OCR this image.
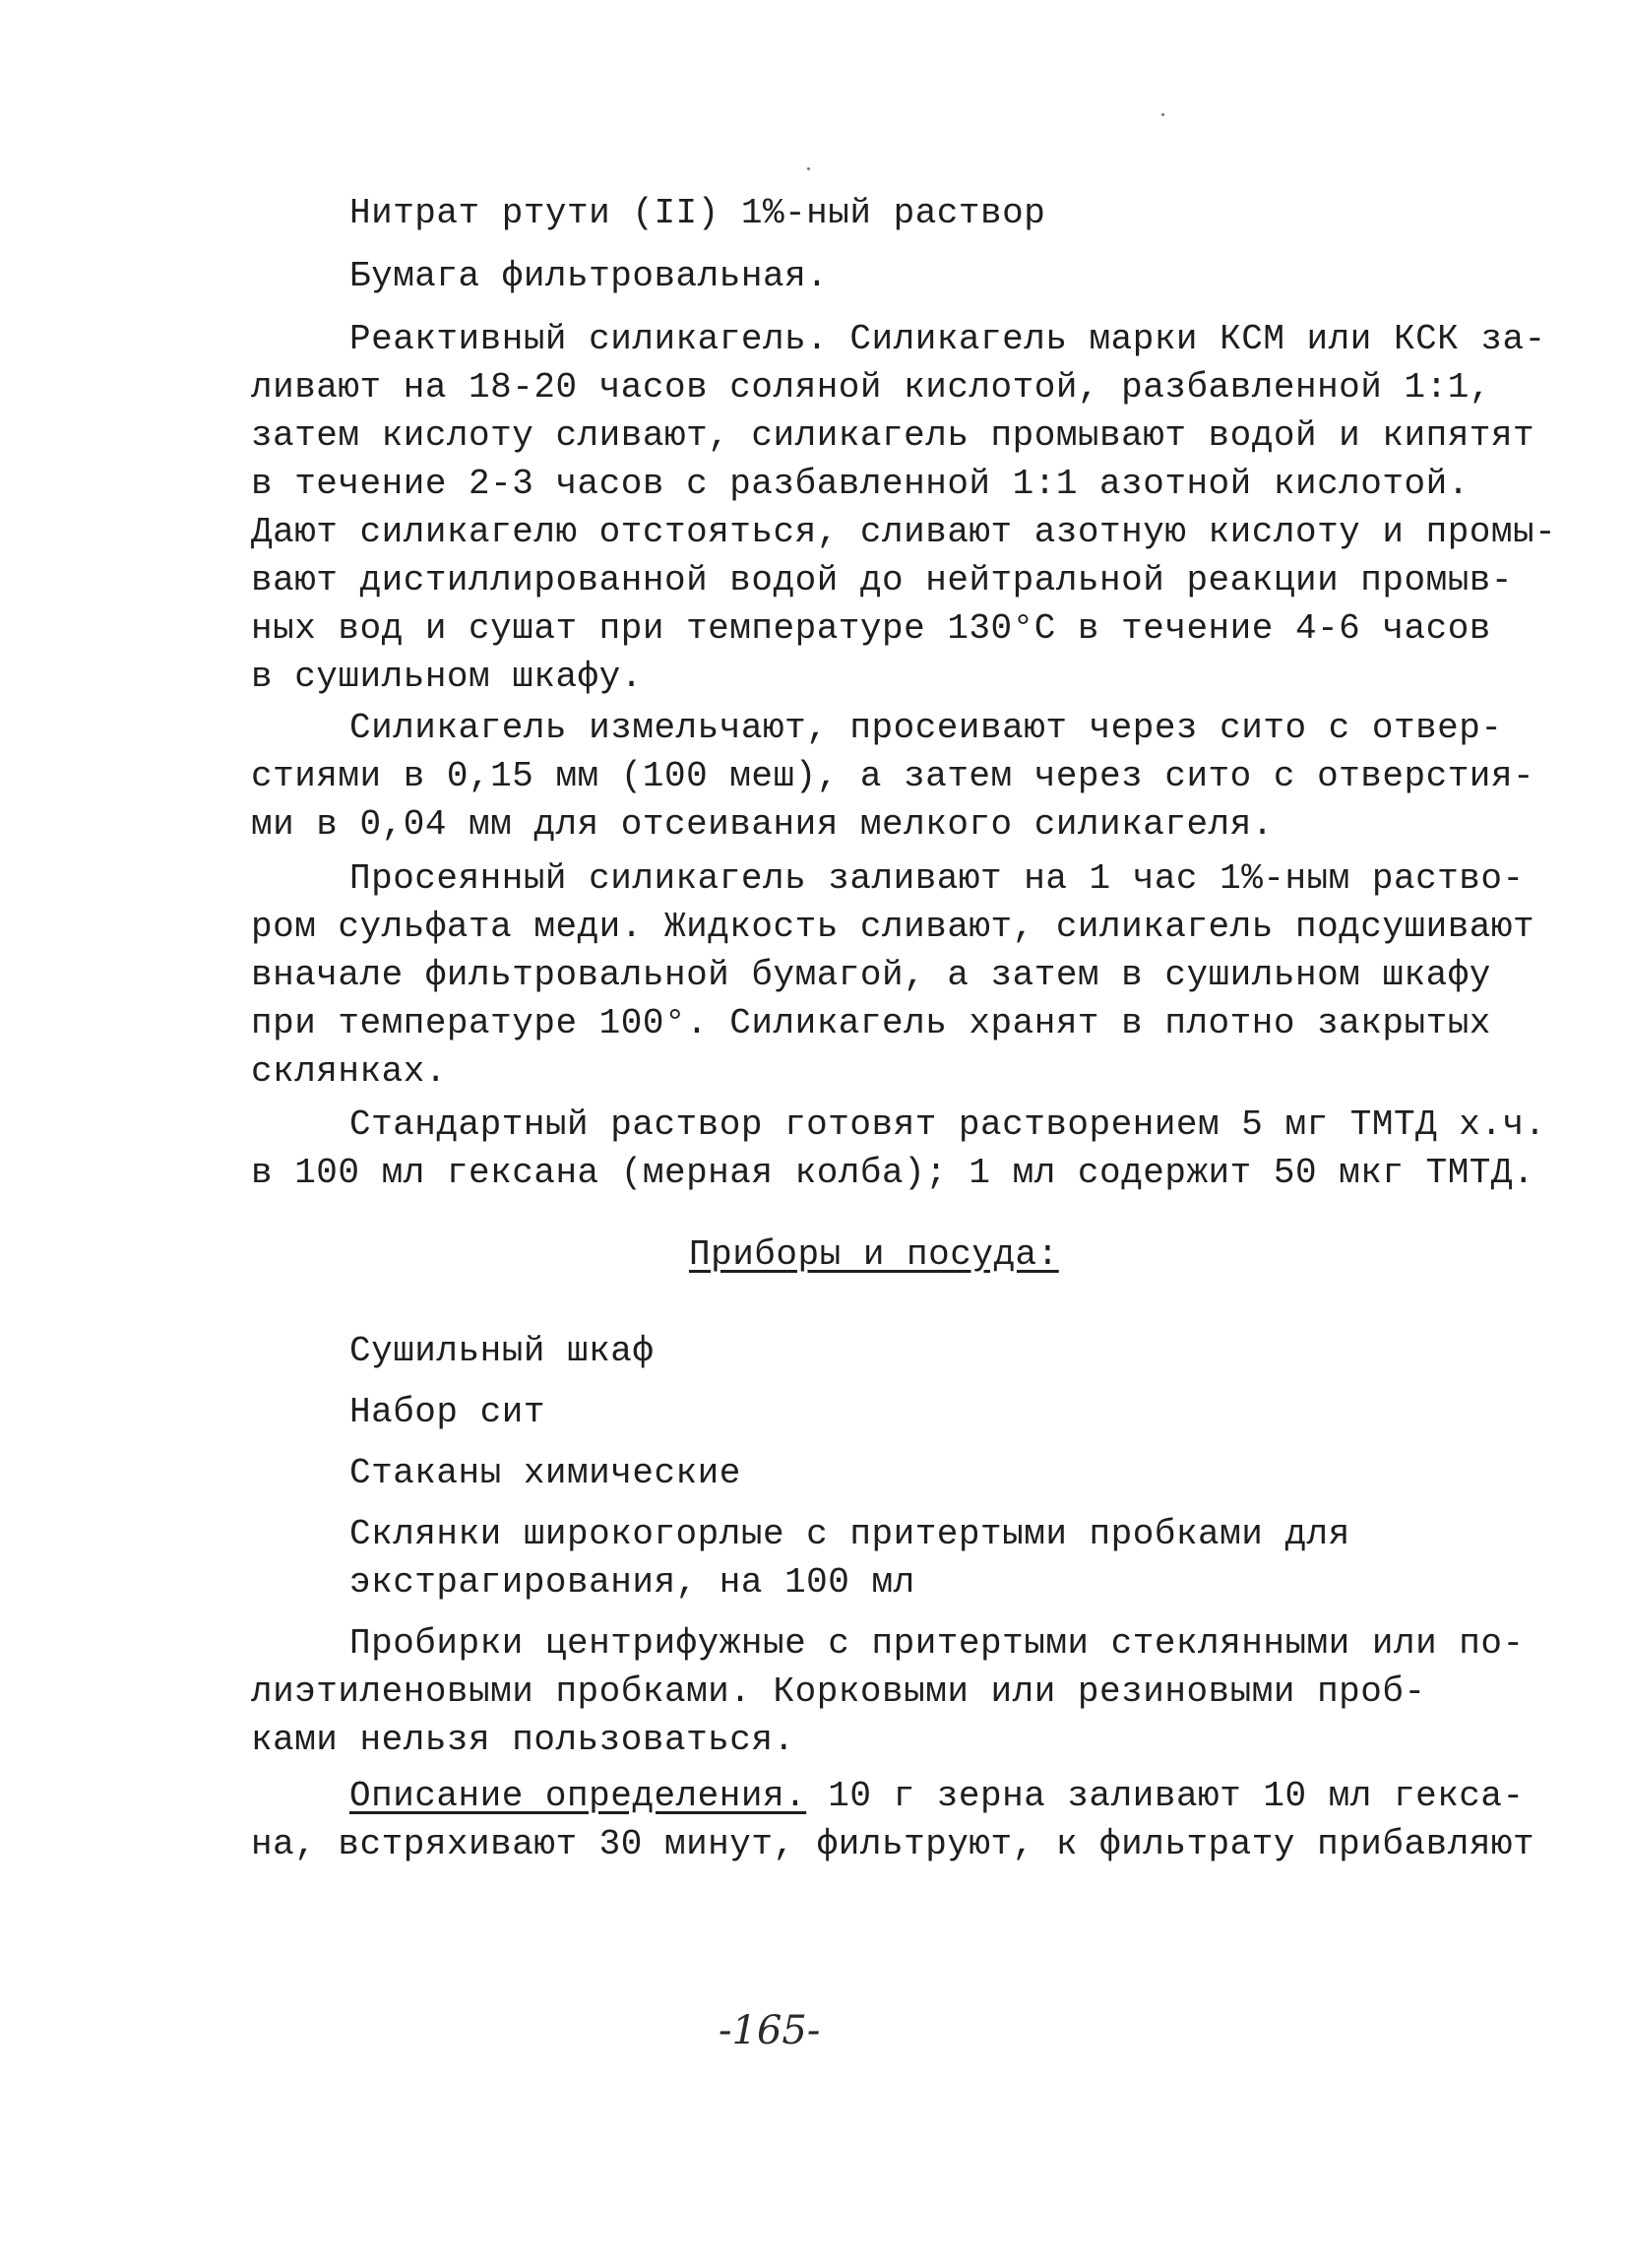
Нитрат ртути (II) 1%-ный раствор
Бумага фильтровальная.
Реактивный силикагель. Силикагель марки КСМ или КСК за-
ливают на 18-20 часов соляной кислотой, разбавленной 1:1,
затем кислоту сливают, силикагель промывают водой и кипятят
в течение 2-3 часов с разбавленной 1:1 азотной кислотой.
Дают силикагелю отстояться, сливают азотную кислоту и промы-
вают дистиллированной водой до нейтральной реакции промыв-
ных вод и сушат при температуре 130°С в течение 4-6 часов
в сушильном шкафу.
Силикагель измельчают, просеивают через сито с отвер-
стиями в 0,15 мм (100 меш), а затем через сито с отверстия-
ми в 0,04 мм для отсеивания мелкого силикагеля.
Просеянный силикагель заливают на 1 час 1%-ным раство-
ром сульфата меди. Жидкость сливают, силикагель подсушивают
вначале фильтровальной бумагой, а затем в сушильном шкафу
при температуре 100°. Силикагель хранят в плотно закрытых
склянках.
Стандартный раствор готовят растворением 5 мг ТМТД х.ч.
в 100 мл гексана (мерная колба); 1 мл содержит 50 мкг ТМТД.
Приборы и посуда:
Сушильный шкаф
Набор сит
Стаканы химические
Склянки широкогорлые с притертыми пробками для
экстрагирования, на 100 мл
Пробирки центрифужные с притертыми стеклянными или по-
лиэтиленовыми пробками. Корковыми или резиновыми проб-
ками нельзя пользоваться.
Описание определения. 10 г зерна заливают 10 мл гекса-
на, встряхивают 30 минут, фильтруют, к фильтрату прибавляют
-165-
